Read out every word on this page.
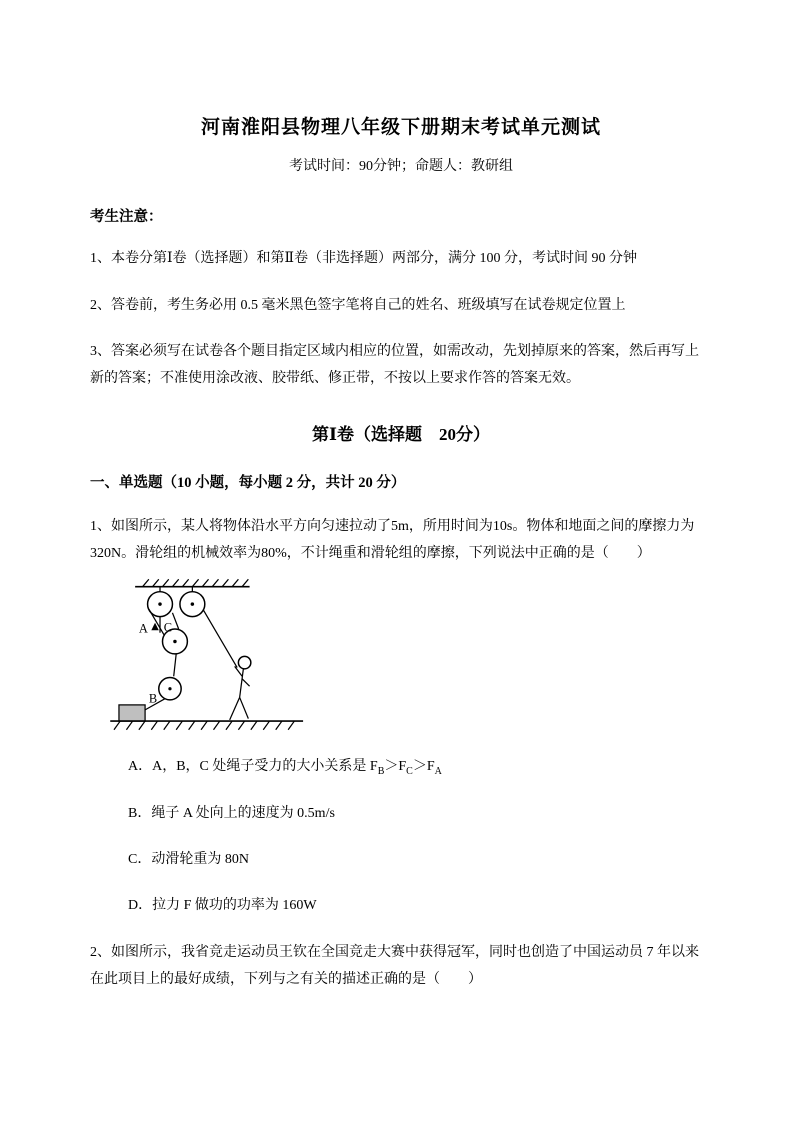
河南淮阳县物理八年级下册期末考试单元测试

考试时间：90分钟；命题人：教研组

考生注意：

1、本卷分第Ⅰ卷（选择题）和第Ⅱ卷（非选择题）两部分，满分 100 分，考试时间 90 分钟

2、答卷前，考生务必用 0.5 毫米黑色签字笔将自己的姓名、班级填写在试卷规定位置上

3、答案必须写在试卷各个题目指定区域内相应的位置，如需改动，先划掉原来的答案，然后再写上新的答案；不准使用涂改液、胶带纸、修正带，不按以上要求作答的答案无效。

第Ⅰ卷（选择题　20分）

一、单选题（10 小题，每小题 2 分，共计 20 分）

1、如图所示，某人将物体沿水平方向匀速拉动了5m，所用时间为10s。物体和地面之间的摩擦力为320N。滑轮组的机械效率为80%，不计绳重和滑轮组的摩擦，下列说法中正确的是（　　）

A C
B

A．A，B，C 处绳子受力的大小关系是 $F_B>F_C>F_A$

B．绳子 A 处向上的速度为 0.5m/s

C．动滑轮重为 80N

D．拉力 F 做功的功率为 160W

2、如图所示，我省竞走运动员王钦在全国竞走大赛中获得冠军，同时也创造了中国运动员 7 年以来在此项目上的最好成绩，下列与之有关的描述正确的是（　　）
